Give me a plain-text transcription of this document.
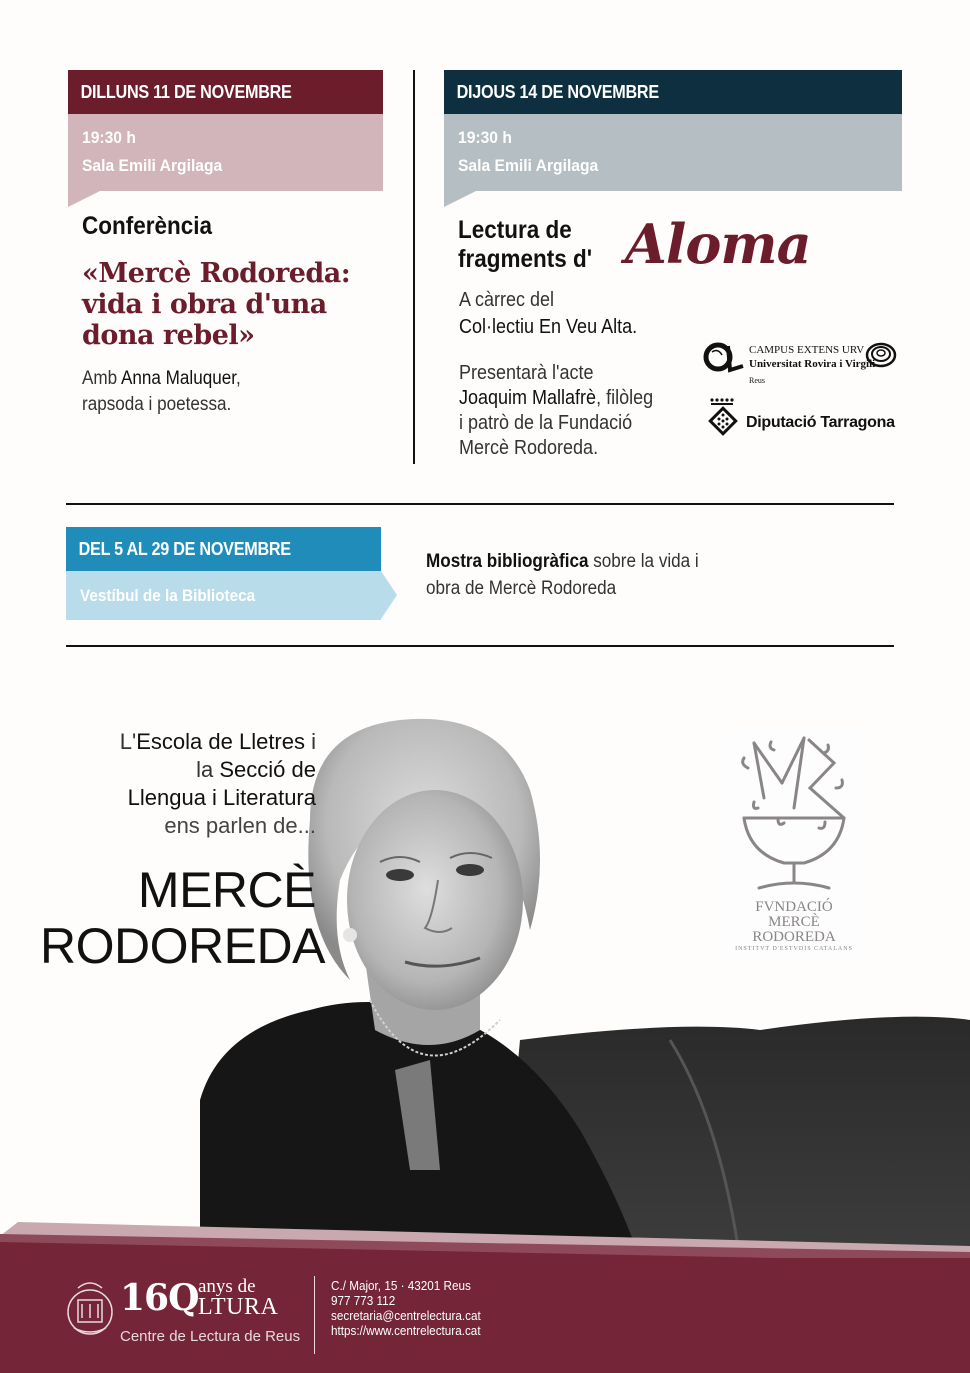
DILLUNS 11 DE NOVEMBRE
19:30 h
Sala Emili Argilaga
Conferència
«Mercè Rodoreda:
vida i obra d'una
dona rebel»
Amb Anna Maluquer,
rapsoda i poetessa.
DIJOUS 14 DE NOVEMBRE
19:30 h
Sala Emili Argilaga
Lectura de
fragments d' Aloma
A càrrec del
Col·lectiu En Veu Alta.
Presentarà l'acte
Joaquim Mallafrè, filòleg
i patrò de la Fundació
Mercè Rodoreda.
CAMPUS EXTENS URV
Universitat Rovira i Virgili
Reus
Diputació Tarragona
DEL 5 AL 29 DE NOVEMBRE
Vestíbul de la Biblioteca
Mostra bibliogràfica sobre la vida i
obra de Mercè Rodoreda
L'Escola de Lletres i
la Secció de
Llengua i Literatura
ens parlen de...
MERCÈ
RODOREDA
FVNDACIÓ
MERCÈ
RODOREDA
INSTITVT D'ESTVDIS CATALANS
16Q anys de
LTURA
Centre de Lectura de Reus
C./ Major, 15 · 43201 Reus
977 773 112
secretaria@centrelectura.cat
https://www.centrelectura.cat
